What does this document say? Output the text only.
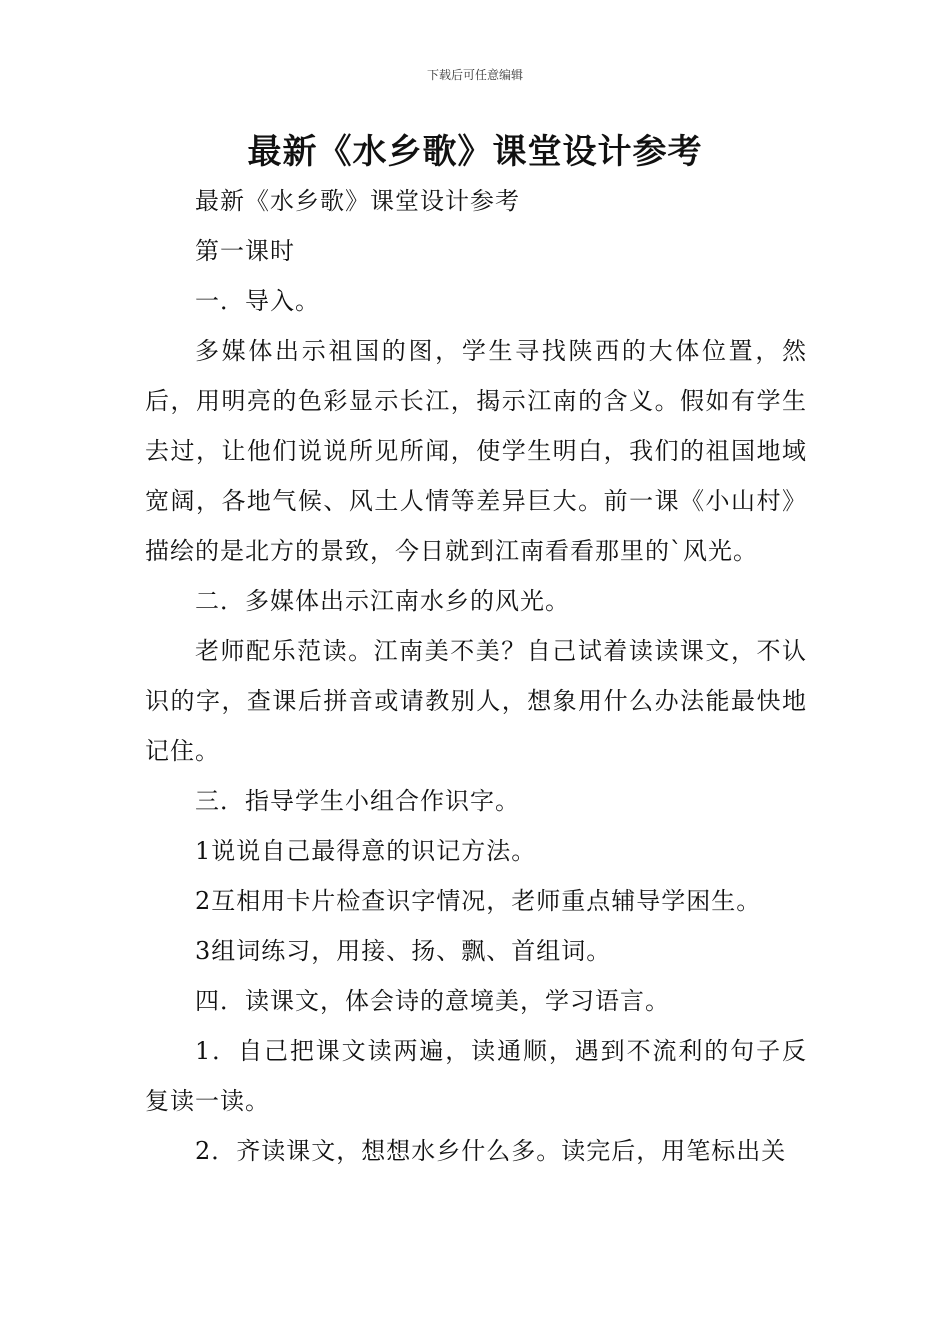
下载后可任意编辑
最新《水乡歌》课堂设计参考

最新《水乡歌》课堂设计参考

第一课时

一．导入。

多媒体出示祖国的图，学生寻找陕西的大体位置，然后，用明亮的色彩显示长江，揭示江南的含义。假如有学生去过，让他们说说所见所闻，使学生明白，我们的祖国地域宽阔，各地气候、风土人情等差异巨大。前一课《小山村》描绘的是北方的景致，今日就到江南看看那里的`风光。

二．多媒体出示江南水乡的风光。

老师配乐范读。江南美不美？自己试着读读课文，不认识的字，查课后拼音或请教别人，想象用什么办法能最快地记住。

三．指导学生小组合作识字。

1说说自己最得意的识记方法。

2互相用卡片检查识字情况，老师重点辅导学困生。

3组词练习，用接、扬、飘、首组词。

四．读课文，体会诗的意境美，学习语言。

1．自己把课文读两遍，读通顺，遇到不流利的句子反复读一读。

2．齐读课文，想想水乡什么多。读完后，用笔标出关
